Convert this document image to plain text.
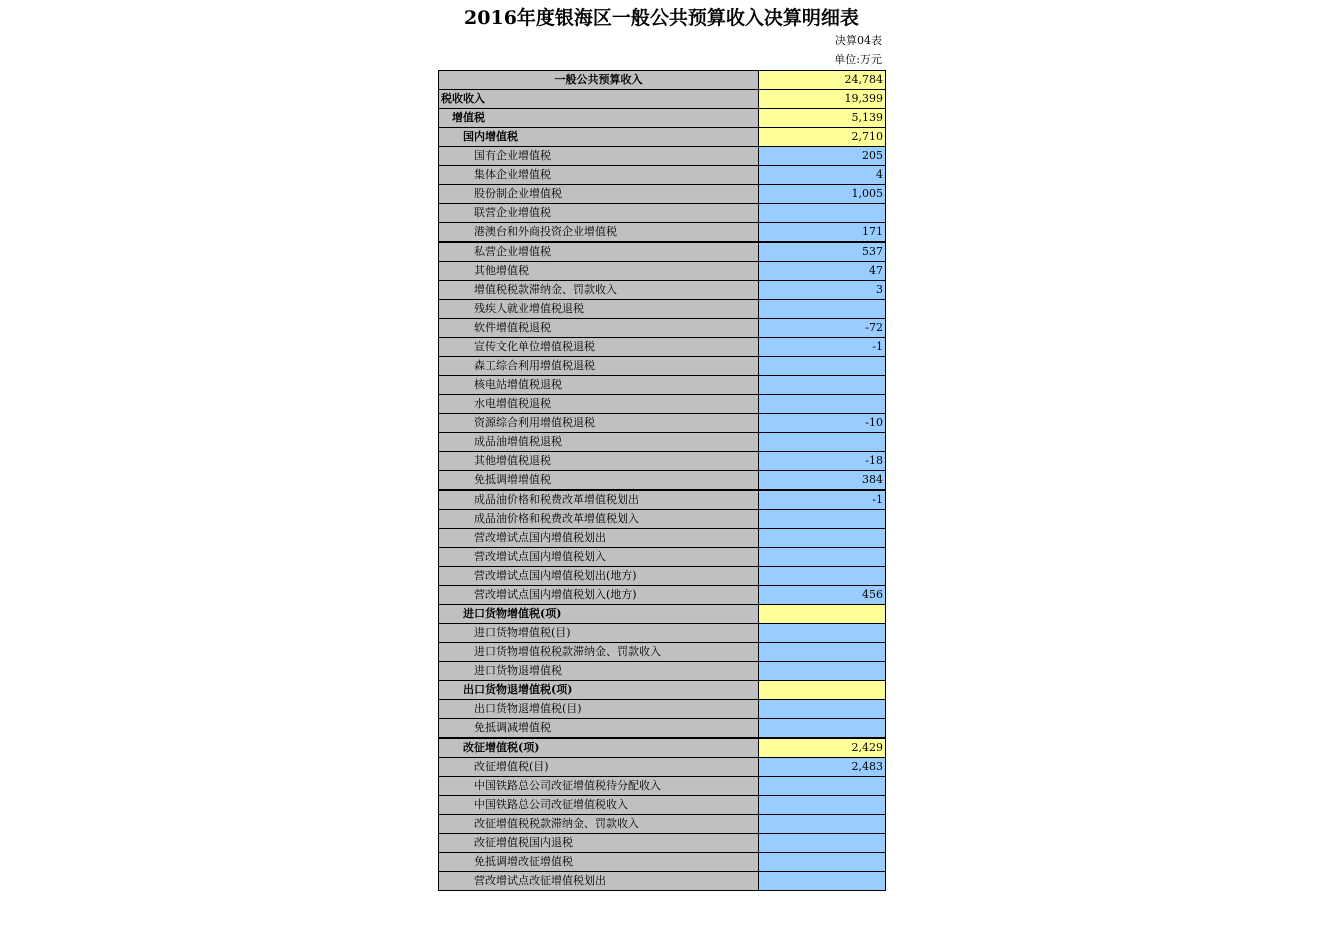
2016年度银海区一般公共预算收入决算明细表
决算04表
单位:万元
一般公共预算收入	24,784
税收收入	19,399
增值税	5,139
国内增值税	2,710
国有企业增值税	205
集体企业增值税	4
股份制企业增值税	1,005
联营企业增值税	
港澳台和外商投资企业增值税	171
私营企业增值税	537
其他增值税	47
增值税税款滞纳金、罚款收入	3
残疾人就业增值税退税	
软件增值税退税	-72
宣传文化单位增值税退税	-1
森工综合利用增值税退税	
核电站增值税退税	
水电增值税退税	
资源综合利用增值税退税	-10
成品油增值税退税	
其他增值税退税	-18
免抵调增增值税	384
成品油价格和税费改革增值税划出	-1
成品油价格和税费改革增值税划入	
营改增试点国内增值税划出	
营改增试点国内增值税划入	
营改增试点国内增值税划出(地方)	
营改增试点国内增值税划入(地方)	456
进口货物增值税(项)	
进口货物增值税(目)	
进口货物增值税税款滞纳金、罚款收入	
进口货物退增值税	
出口货物退增值税(项)	
出口货物退增值税(目)	
免抵调减增值税	
改征增值税(项)	2,429
改征增值税(目)	2,483
中国铁路总公司改征增值税待分配收入	
中国铁路总公司改征增值税收入	
改征增值税税款滞纳金、罚款收入	
改征增值税国内退税	
免抵调增改征增值税	
营改增试点改征增值税划出	
